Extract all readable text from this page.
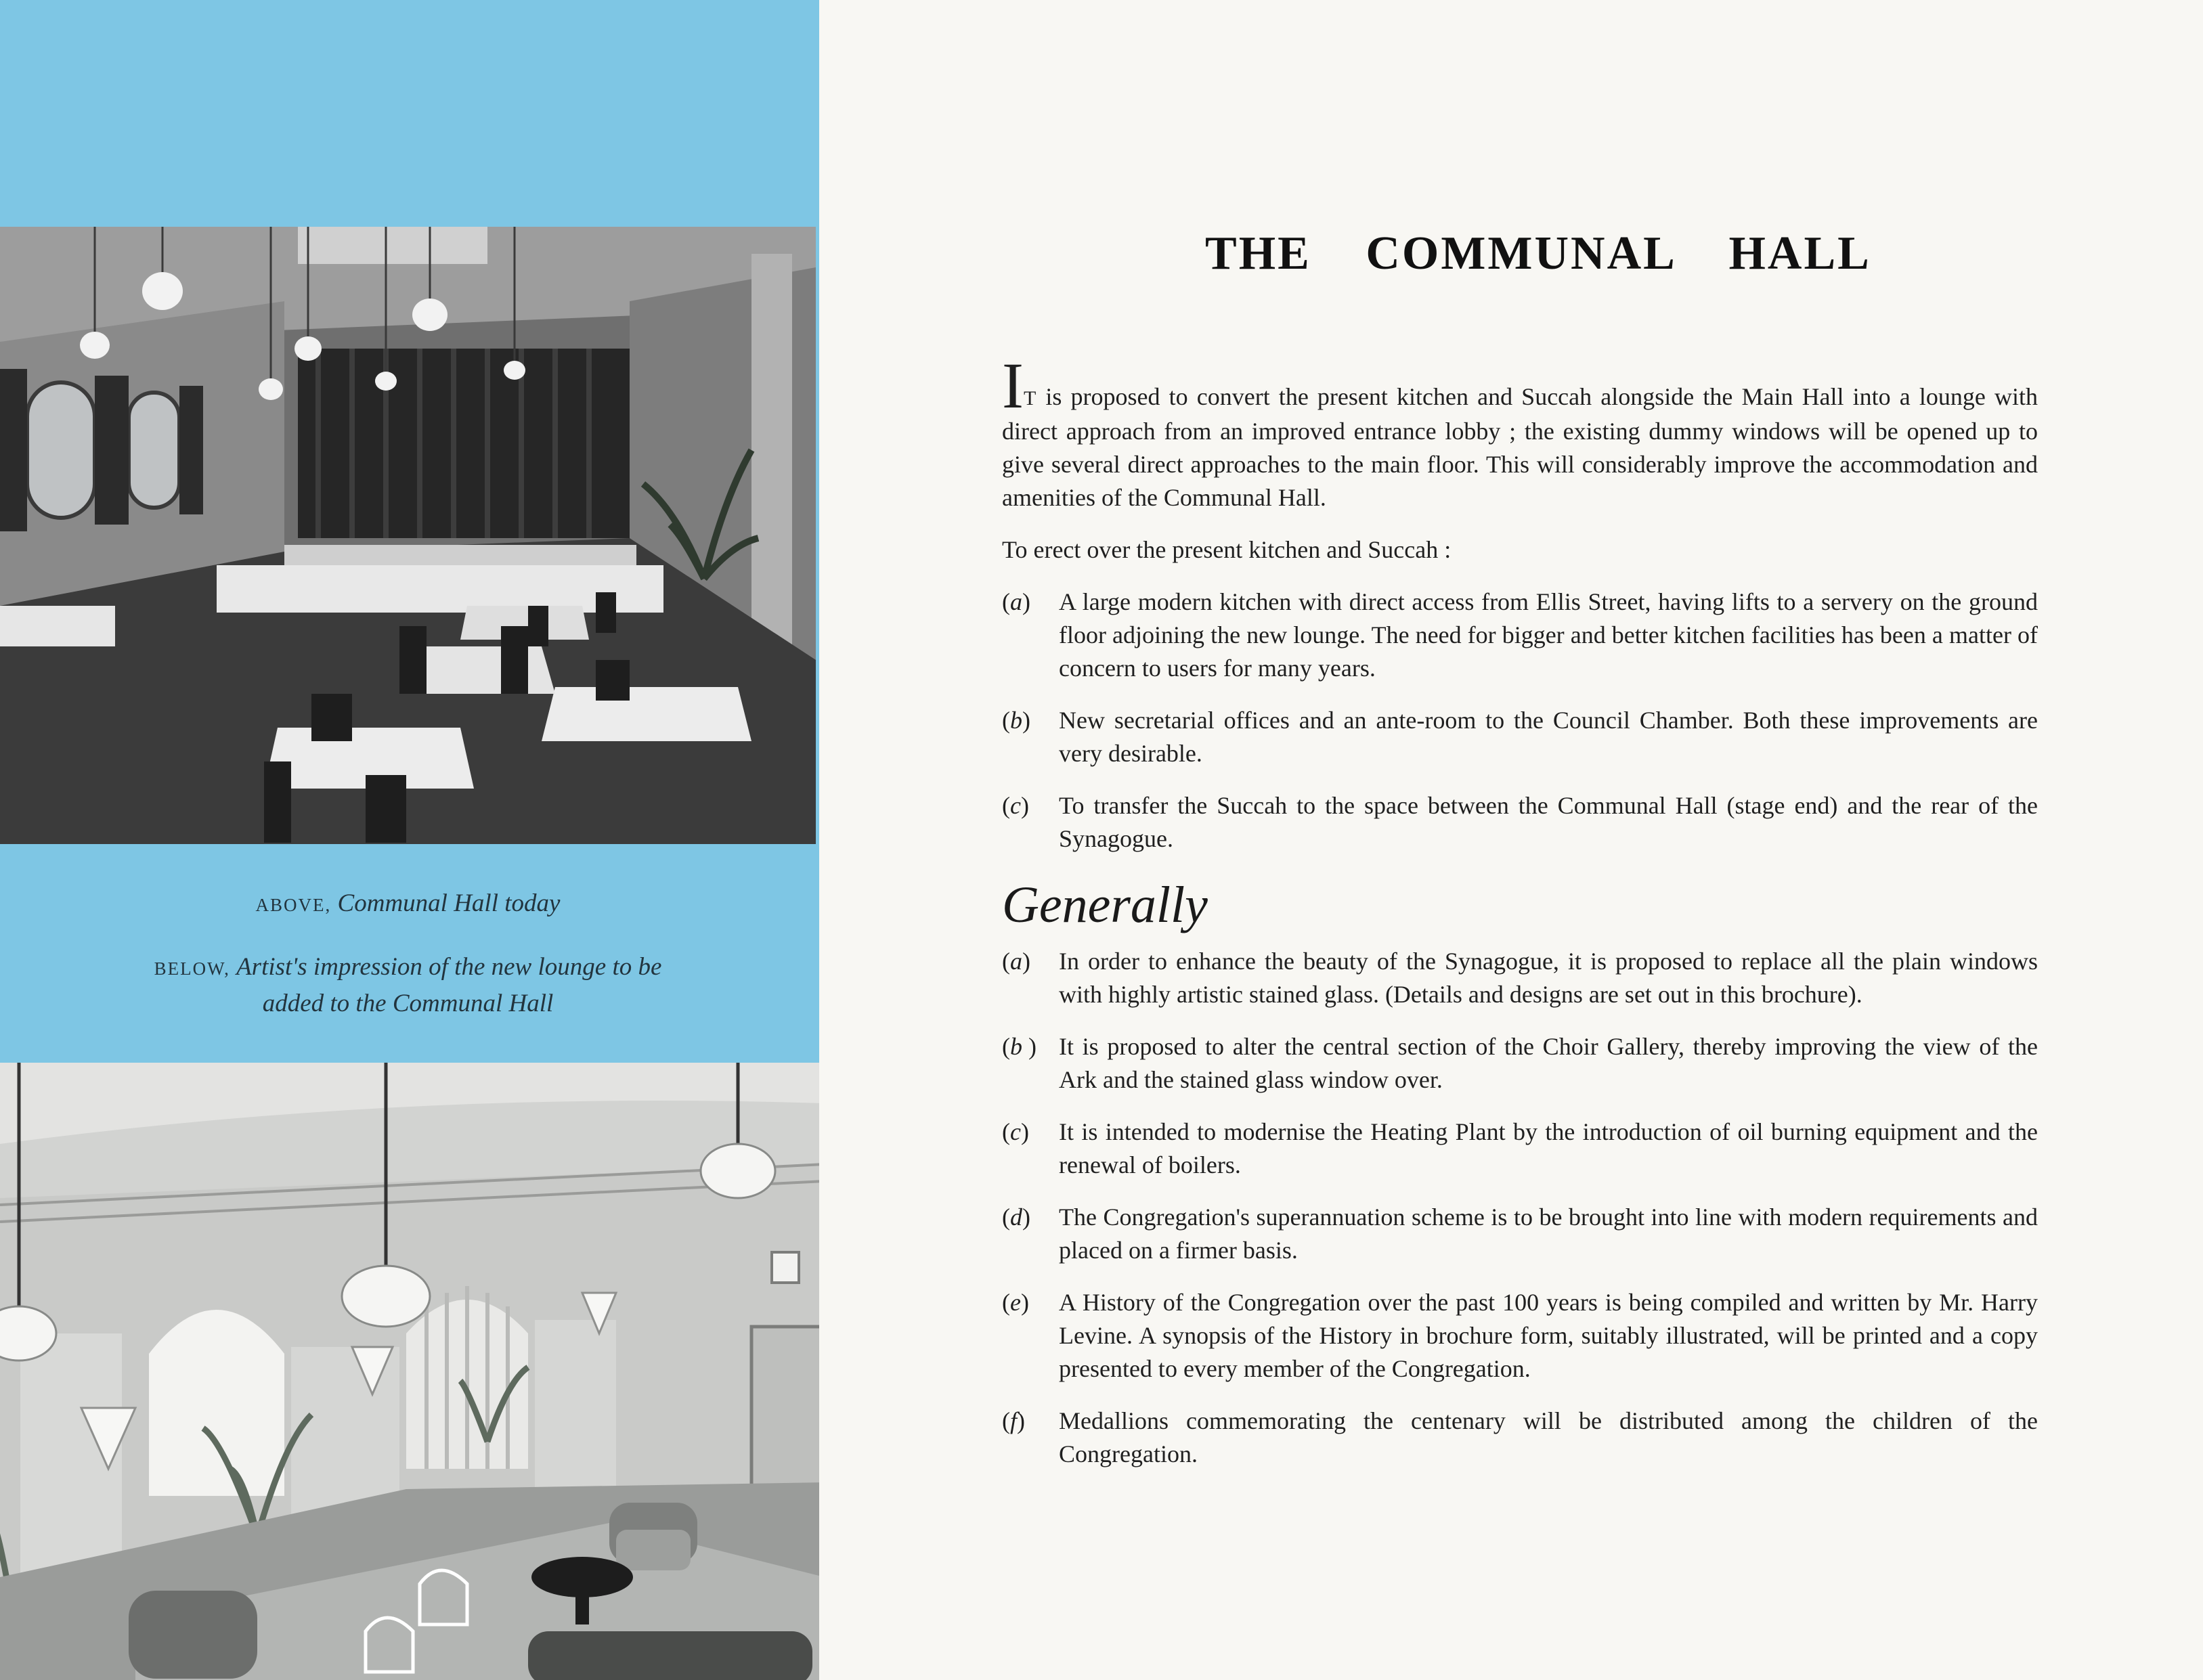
ABOVE, Communal Hall today
BELOW, Artist's impression of the new lounge to be
added to the Communal Hall
THE COMMUNAL HALL

IT is proposed to convert the present kitchen and Succah alongside the Main Hall into a lounge with direct approach from an improved entrance lobby ; the existing dummy windows will be opened up to give several direct approaches to the main floor. This will considerably improve the accommodation and amenities of the Communal Hall.

To erect over the present kitchen and Succah :

(a) A large modern kitchen with direct access from Ellis Street, having lifts to a servery on the ground floor adjoining the new lounge. The need for bigger and better kitchen facilities has been a matter of concern to users for many years.
(b) New secretarial offices and an ante-room to the Council Chamber. Both these improvements are very desirable.
(c) To transfer the Succah to the space between the Communal Hall (stage end) and the rear of the Synagogue.
Generally
(a) In order to enhance the beauty of the Synagogue, it is proposed to replace all the plain windows with highly artistic stained glass. (Details and designs are set out in this brochure).
(b ) It is proposed to alter the central section of the Choir Gallery, thereby improving the view of the Ark and the stained glass window over.
(c) It is intended to modernise the Heating Plant by the introduction of oil burning equipment and the renewal of boilers.
(d) The Congregation's superannuation scheme is to be brought into line with modern requirements and placed on a firmer basis.
(e) A History of the Congregation over the past 100 years is being compiled and written by Mr. Harry Levine. A synopsis of the History in brochure form, suitably illustrated, will be printed and a copy presented to every member of the Congregation.
(f) Medallions commemorating the centenary will be distributed among the children of the Congregation.
